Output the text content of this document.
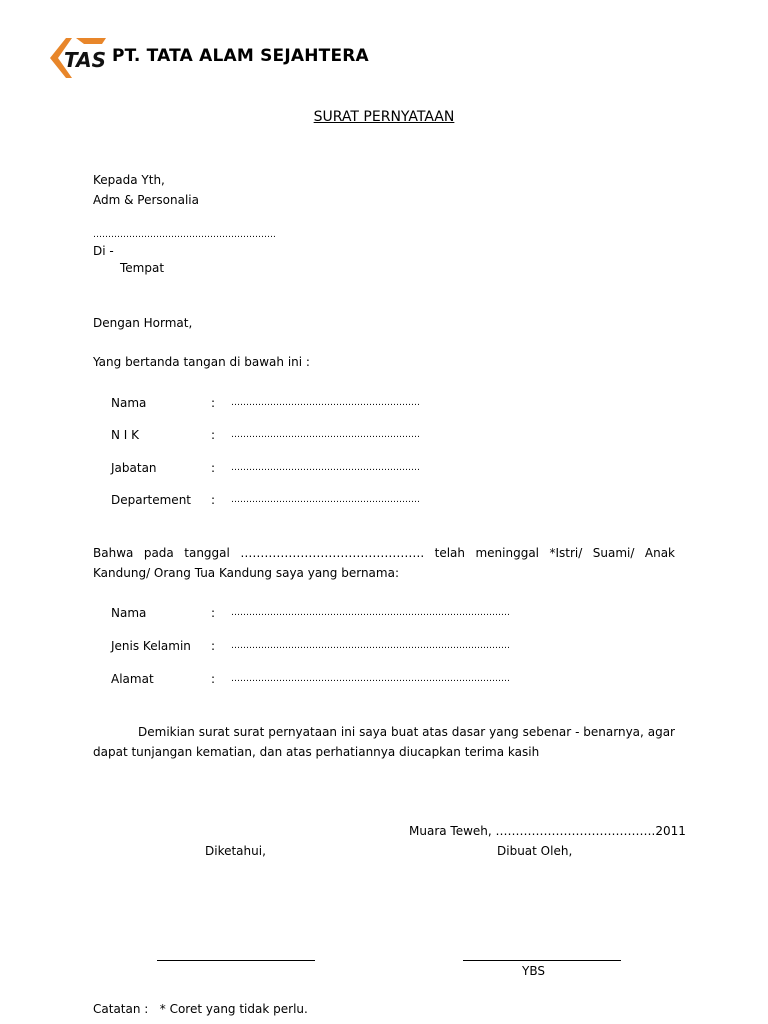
TAS PT. TATA ALAM SEJAHTERA
SURAT PERNYATAAN
Kepada Yth,
Adm & Personalia
…………………………………………………….
Di -
Tempat
Dengan Hormat,
Yang bertanda tangan di bawah ini :
Nama	: ………………………………………………………
N I K	: ………………………………………………………
Jabatan	: ………………………………………………………
Departement : ………………………………………………………
Bahwa pada tanggal ………………………………………. telah meninggal *Istri/ Suami/ Anak Kandung/ Orang Tua Kandung saya yang bernama:
Nama	: …………………………………………………………………………………
Jenis Kelamin : …………………………………………………………………………………
Alamat	: …………………………………………………………………………………
Demikian surat surat pernyataan ini saya buat atas dasar yang sebenar - benarnya, agar dapat tunjangan kematian, dan atas perhatiannya diucapkan terima kasih
Muara Teweh, ………………………………….2011
Diketahui,	Dibuat Oleh,
YBS
Catatan :   * Coret yang tidak perlu.
